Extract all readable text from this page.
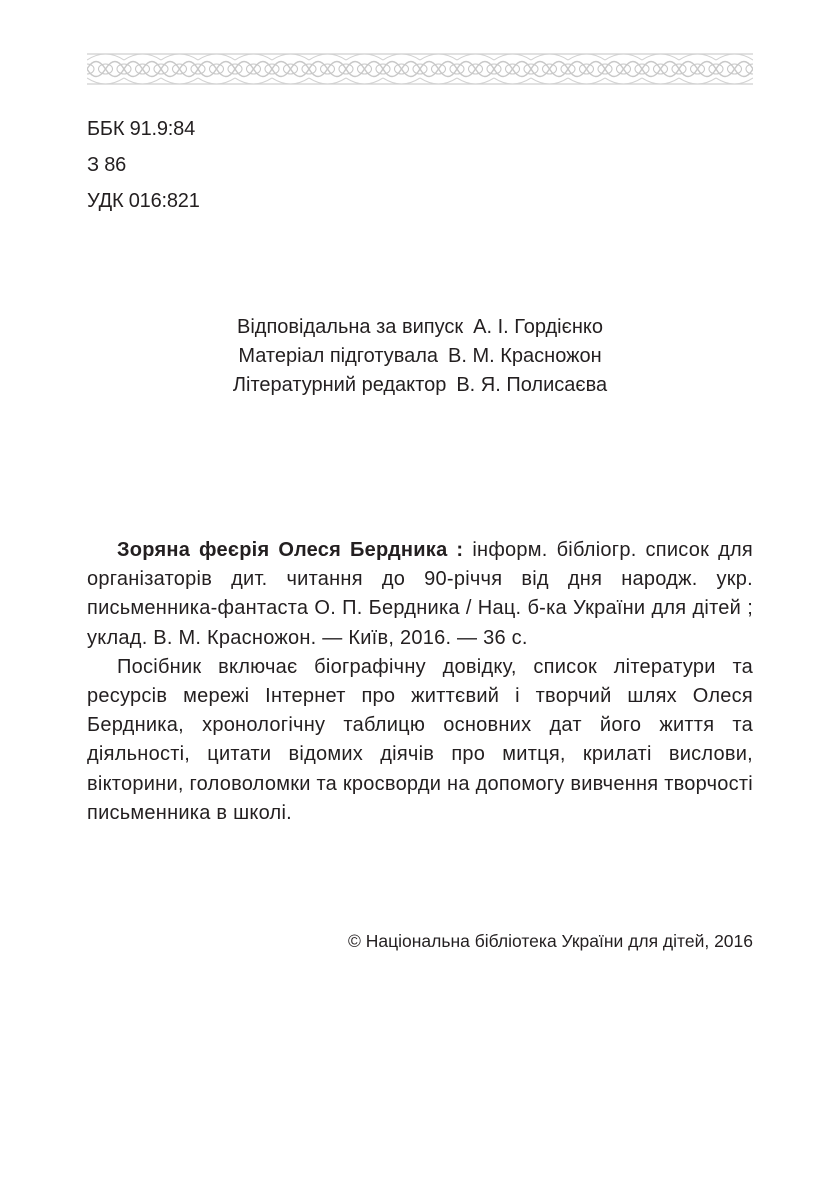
ББК 91.9:84
З 86
УДК 016:821
Відповідальна за випуск А. І. Гордієнко
Матеріал підготувала В. М. Красножон
Літературний редактор В. Я. Полисаєва

Зоряна феєрія Олеся Бердника : інформ. бібліогр. список для організаторів дит. читання до 90-річчя від дня народж. укр. письменника-фантаста О. П. Бердника / Нац. б-ка України для дітей ; уклад. В. М. Красножон. — Київ, 2016. — 36 с.

Посібник включає біографічну довідку, список літератури та ресурсів мережі Інтернет про життєвий і творчий шлях Олеся Бердника, хронологічну таблицю основних дат його життя та діяльності, цитати відомих діячів про митця, крилаті вислови, вікторини, головоломки та кросворди на допомогу вивчення творчості письменника в школі.

© Національна бібліотека України для дітей, 2016
